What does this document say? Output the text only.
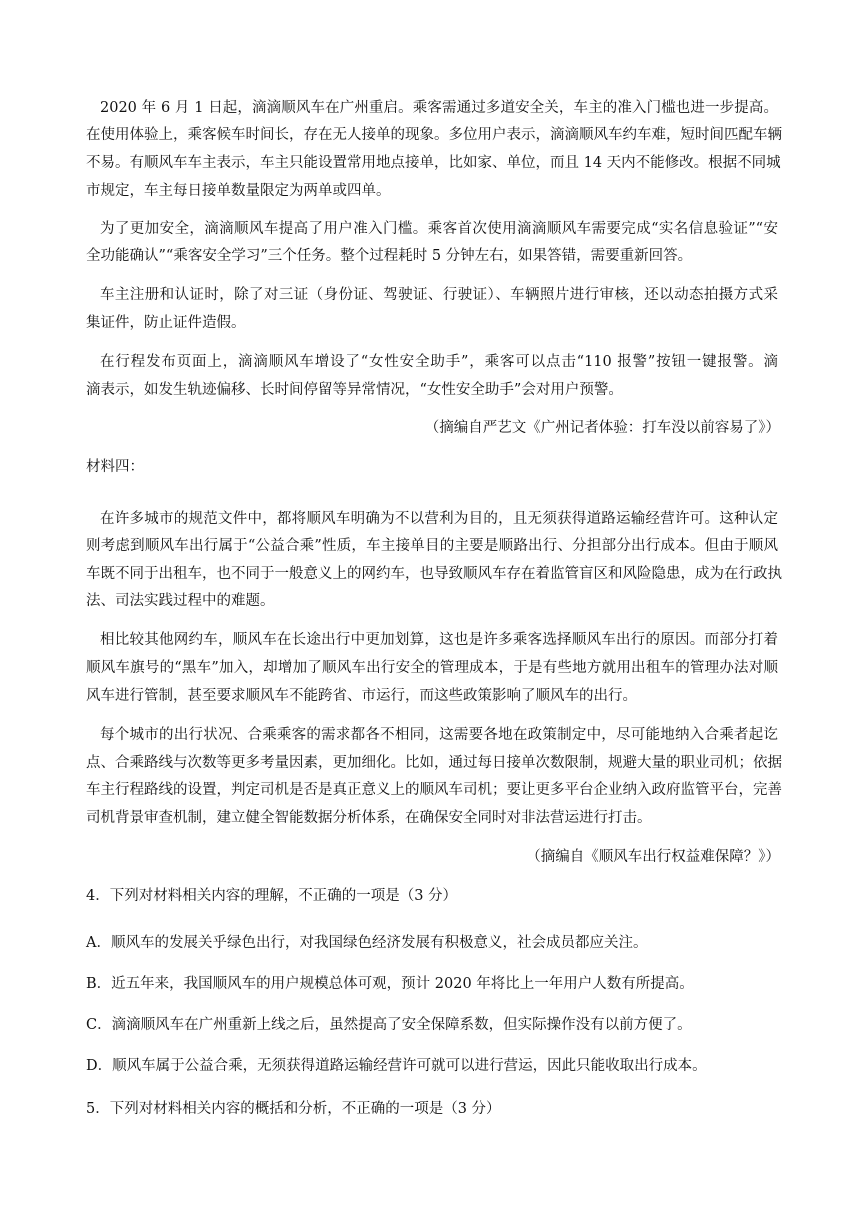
2020 年 6 月 1 日起，滴滴顺风车在广州重启。乘客需通过多道安全关，车主的准入门槛也进一步提高。
在使用体验上，乘客候车时间长，存在无人接单的现象。多位用户表示，滴滴顺风车约车难，短时间匹配车辆
不易。有顺风车车主表示，车主只能设置常用地点接单，比如家、单位，而且 14 天内不能修改。根据不同城
市规定，车主每日接单数量限定为两单或四单。
为了更加安全，滴滴顺风车提高了用户准入门槛。乘客首次使用滴滴顺风车需要完成“实名信息验证”“安
全功能确认”“乘客安全学习”三个任务。整个过程耗时 5 分钟左右，如果答错，需要重新回答。
车主注册和认证时，除了对三证（身份证、驾驶证、行驶证）、车辆照片进行审核，还以动态拍摄方式采
集证件，防止证件造假。
在行程发布页面上，滴滴顺风车增设了“女性安全助手”，乘客可以点击“110 报警”按钮一键报警。滴
滴表示，如发生轨迹偏移、长时间停留等异常情况，“女性安全助手”会对用户预警。
（摘编自严艺文《广州记者体验：打车没以前容易了》）
材料四：
在许多城市的规范文件中，都将顺风车明确为不以营利为目的，且无须获得道路运输经营许可。这种认定
则考虑到顺风车出行属于“公益合乘”性质，车主接单目的主要是顺路出行、分担部分出行成本。但由于顺风
车既不同于出租车，也不同于一般意义上的网约车，也导致顺风车存在着监管盲区和风险隐患，成为在行政执
法、司法实践过程中的难题。
相比较其他网约车，顺风车在长途出行中更加划算，这也是许多乘客选择顺风车出行的原因。而部分打着
顺风车旗号的“黑车”加入，却增加了顺风车出行安全的管理成本，于是有些地方就用出租车的管理办法对顺
风车进行管制，甚至要求顺风车不能跨省、市运行，而这些政策影响了顺风车的出行。
每个城市的出行状况、合乘乘客的需求都各不相同，这需要各地在政策制定中，尽可能地纳入合乘者起讫
点、合乘路线与次数等更多考量因素，更加细化。比如，通过每日接单次数限制，规避大量的职业司机；依据
车主行程路线的设置，判定司机是否是真正意义上的顺风车司机；要让更多平台企业纳入政府监管平台，完善
司机背景审查机制，建立健全智能数据分析体系，在确保安全同时对非法营运进行打击。
（摘编自《顺风车出行权益难保障？》）
4．下列对材料相关内容的理解，不正确的一项是（3 分）
A．顺风车的发展关乎绿色出行，对我国绿色经济发展有积极意义，社会成员都应关注。
B．近五年来，我国顺风车的用户规模总体可观，预计 2020 年将比上一年用户人数有所提高。
C．滴滴顺风车在广州重新上线之后，虽然提高了安全保障系数，但实际操作没有以前方便了。
D．顺风车属于公益合乘，无须获得道路运输经营许可就可以进行营运，因此只能收取出行成本。
5．下列对材料相关内容的概括和分析，不正确的一项是（3 分）
